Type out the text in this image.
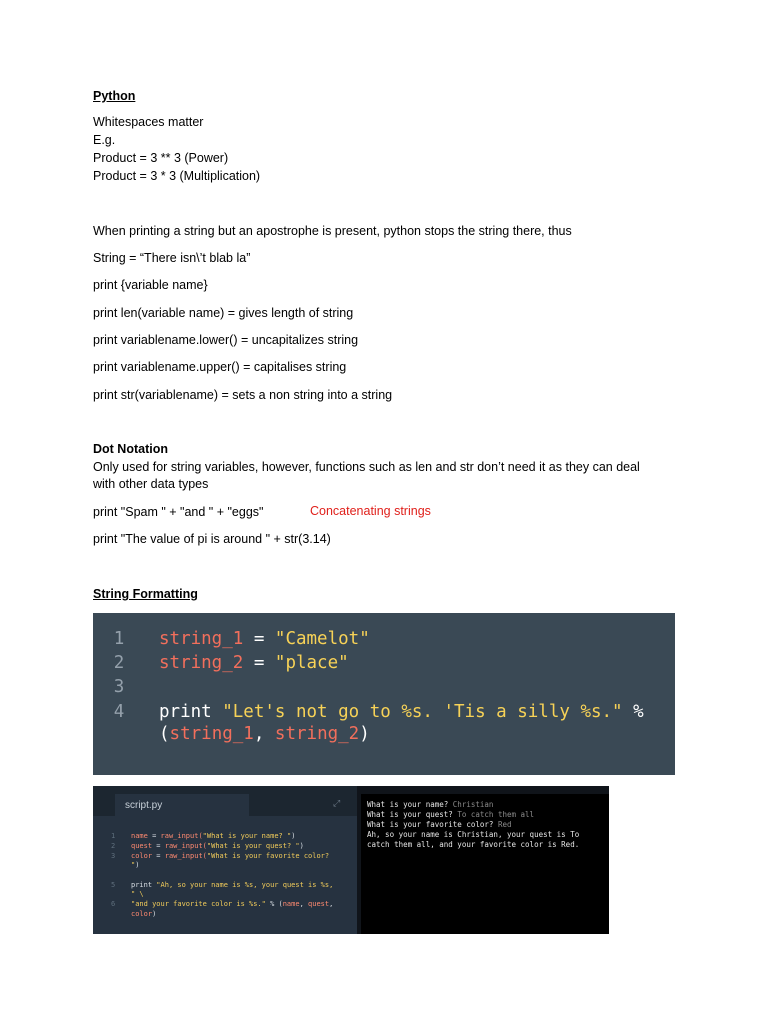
Python
Whitespaces matter
E.g.
Product = 3 ** 3 (Power)
Product = 3 * 3 (Multiplication)
When printing a string but an apostrophe is present, python stops the string there, thus
String = “There isn\’t blab la”
print {variable name}
print len(variable name) = gives length of string
print variablename.lower() = uncapitalizes string
print variablename.upper() = capitalises string
print str(variablename) = sets a non string into a string
Dot Notation
Only used for string variables, however, functions such as len and str don’t need it as they can deal
with other data types
print "Spam " + "and " + "eggs"	Concatenating strings
print "The value of pi is around " + str(3.14)
String Formatting
1 string_1 = "Camelot"
2 string_2 = "place"
3
4 print "Let's not go to %s. 'Tis a silly %s." %
(string_1, string_2)
script.py	⤢
1 name = raw_input("What is your name? ")
2 quest = raw_input("What is your quest? ")
3 color = raw_input("What is your favorite color?
")
5 print "Ah, so your name is %s, your quest is %s,
" \
6 "and your favorite color is %s." % (name, quest,
color)
What is your name? Christian
What is your quest? To catch them all
What is your favorite color? Red
Ah, so your name is Christian, your quest is To
catch them all, and your favorite color is Red.
